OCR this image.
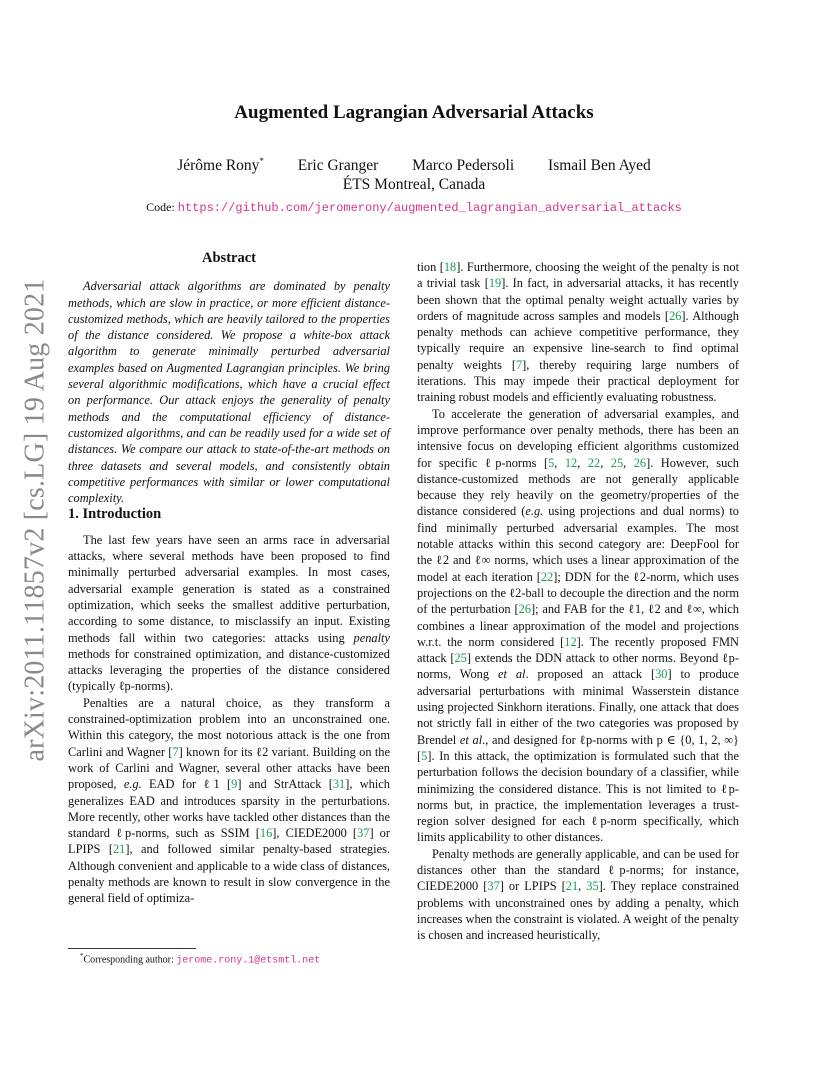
arXiv:2011.11857v2 [cs.LG] 19 Aug 2021
Augmented Lagrangian Adversarial Attacks
Jérôme Rony* Eric Granger Marco Pedersoli Ismail Ben Ayed
ÉTS Montreal, Canada
Code: https://github.com/jeromerony/augmented_lagrangian_adversarial_attacks
Abstract

Adversarial attack algorithms are dominated by penalty methods, which are slow in practice, or more efficient distance-customized methods, which are heavily tailored to the properties of the distance considered. We propose a white-box attack algorithm to generate minimally perturbed adversarial examples based on Augmented Lagrangian principles. We bring several algorithmic modifications, which have a crucial effect on performance. Our attack enjoys the generality of penalty methods and the computational efficiency of distance-customized algorithms, and can be readily used for a wide set of distances. We compare our attack to state-of-the-art methods on three datasets and several models, and consistently obtain competitive performances with similar or lower computational complexity.

1. Introduction

The last few years have seen an arms race in adversarial attacks, where several methods have been proposed to find minimally perturbed adversarial examples. In most cases, adversarial example generation is stated as a constrained optimization, which seeks the smallest additive perturbation, according to some distance, to misclassify an input. Existing methods fall within two categories: attacks using penalty methods for constrained optimization, and distance-customized attacks leveraging the properties of the distance considered (typically ℓp-norms).

Penalties are a natural choice, as they transform a constrained-optimization problem into an unconstrained one. Within this category, the most notorious attack is the one from Carlini and Wagner [7] known for its ℓ2 variant. Building on the work of Carlini and Wagner, several other attacks have been proposed, e.g. EAD for ℓ1 [9] and StrAttack [31], which generalizes EAD and introduces sparsity in the perturbations. More recently, other works have tackled other distances than the standard ℓp-norms, such as SSIM [16], CIEDE2000 [37] or LPIPS [21], and followed similar penalty-based strategies. Although convenient and applicable to a wide class of distances, penalty methods are known to result in slow convergence in the general field of optimiza-

tion [18]. Furthermore, choosing the weight of the penalty is not a trivial task [19]. In fact, in adversarial attacks, it has recently been shown that the optimal penalty weight actually varies by orders of magnitude across samples and models [26]. Although penalty methods can achieve competitive performance, they typically require an expensive line-search to find optimal penalty weights [7], thereby requiring large numbers of iterations. This may impede their practical deployment for training robust models and efficiently evaluating robustness.

To accelerate the generation of adversarial examples, and improve performance over penalty methods, there has been an intensive focus on developing efficient algorithms customized for specific ℓp-norms [5, 12, 22, 25, 26]. However, such distance-customized methods are not generally applicable because they rely heavily on the geometry/properties of the distance considered (e.g. using projections and dual norms) to find minimally perturbed adversarial examples. The most notable attacks within this second category are: DeepFool for the ℓ2 and ℓ∞ norms, which uses a linear approximation of the model at each iteration [22]; DDN for the ℓ2-norm, which uses projections on the ℓ2-ball to decouple the direction and the norm of the perturbation [26]; and FAB for the ℓ1, ℓ2 and ℓ∞, which combines a linear approximation of the model and projections w.r.t. the norm considered [12]. The recently proposed FMN attack [25] extends the DDN attack to other norms. Beyond ℓp-norms, Wong et al. proposed an attack [30] to produce adversarial perturbations with minimal Wasserstein distance using projected Sinkhorn iterations. Finally, one attack that does not strictly fall in either of the two categories was proposed by Brendel et al., and designed for ℓp-norms with p ∈ {0, 1, 2, ∞} [5]. In this attack, the optimization is formulated such that the perturbation follows the decision boundary of a classifier, while minimizing the considered distance. This is not limited to ℓp-norms but, in practice, the implementation leverages a trust-region solver designed for each ℓp-norm specifically, which limits applicability to other distances.

Penalty methods are generally applicable, and can be used for distances other than the standard ℓp-norms; for instance, CIEDE2000 [37] or LPIPS [21, 35]. They replace constrained problems with unconstrained ones by adding a penalty, which increases when the constraint is violated. A weight of the penalty is chosen and increased heuristically,

*Corresponding author: jerome.rony.1@etsmtl.net
